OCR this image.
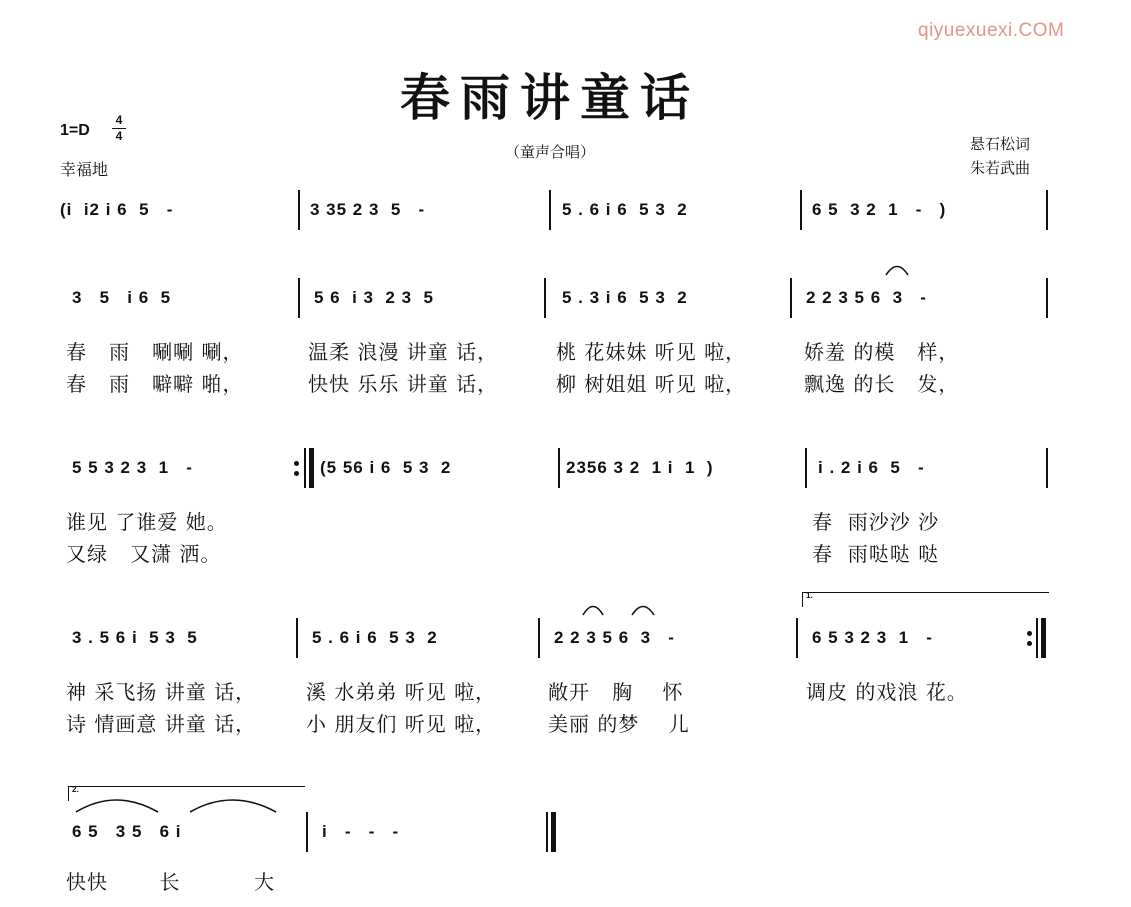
qiyuexuexi.COM
春雨讲童话
1=D
4
4
幸福地
（童声合唱）	悬石松词
朱若武曲
(i  i2 i 6  5   -	3 35 2 3  5   -	5 . 6 i 6  5 3  2	6 5  3 2  1   -   )
3   5   i 6  5	5 6  i 3  2 3  5	5 . 3 i 6  5 3  2	2 2 3 5 6  3   -
春   雨   唰唰 唰，	温柔 浪漫 讲童 话，	桃 花妹妹 听见 啦，	娇羞 的模   样，
春   雨   噼噼 啪，	快快 乐乐 讲童 话，	柳 树姐姐 听见 啦，	飘逸 的长   发，
5 5 3 2 3  1   -	(5 56 i 6  5 3  2	2356 3 2  1 i  1  )	i . 2 i 6  5   -
谁见 了谁爱 她。	春  雨沙沙 沙
又绿   又潇 洒。	春  雨哒哒 哒
1.
3 . 5 6 i  5 3  5	5 . 6 i 6  5 3  2	2 2 3 5 6  3   -	6 5 3 2 3  1   -
神 采飞扬 讲童 话， 溪 水弟弟 听见 啦，	敞开   胸    怀	调皮 的戏浪 花。
诗 情画意 讲童 话， 小 朋友们 听见 啦，	美丽 的梦    儿
2.
6 5   3 5   6 i	i   -   -   -
快快       长          大
